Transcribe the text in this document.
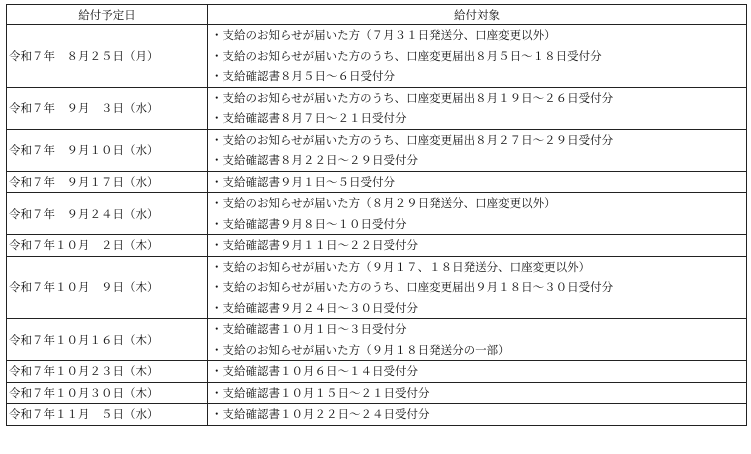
給付予定日	給付対象
令和７年　８月２５日（月）	・支給のお知らせが届いた方（７月３１日発送分、口座変更以外）
・支給のお知らせが届いた方のうち、口座変更届出８月５日～１８日受付分
・支給確認書８月５日～６日受付分

令和７年　９月　３日（水）	・支給のお知らせが届いた方のうち、口座変更届出８月１９日～２６日受付分
・支給確認書８月７日～２１日受付分

令和７年　９月１０日（水）	・支給のお知らせが届いた方のうち、口座変更届出８月２７日～２９日受付分
・支給確認書８月２２日～２９日受付分

令和７年　９月１７日（水）	・支給確認書９月１日～５日受付分

令和７年　９月２４日（水）	・支給のお知らせが届いた方（８月２９日発送分、口座変更以外）
・支給確認書９月８日～１０日受付分

令和７年１０月　２日（木）	・支給確認書９月１１日～２２日受付分

令和７年１０月　９日（木）	・支給のお知らせが届いた方（９月１７、１８日発送分、口座変更以外）
・支給のお知らせが届いた方のうち、口座変更届出９月１８日～３０日受付分
・支給確認書９月２４日～３０日受付分

令和７年１０月１６日（木）	・支給確認書１０月１日～３日受付分
・支給のお知らせが届いた方（９月１８日発送分の一部）

令和７年１０月２３日（木）	・支給確認書１０月６日～１４日受付分

令和７年１０月３０日（木）	・支給確認書１０月１５日～２１日受付分

令和７年１１月　５日（水）	・支給確認書１０月２２日～２４日受付分
